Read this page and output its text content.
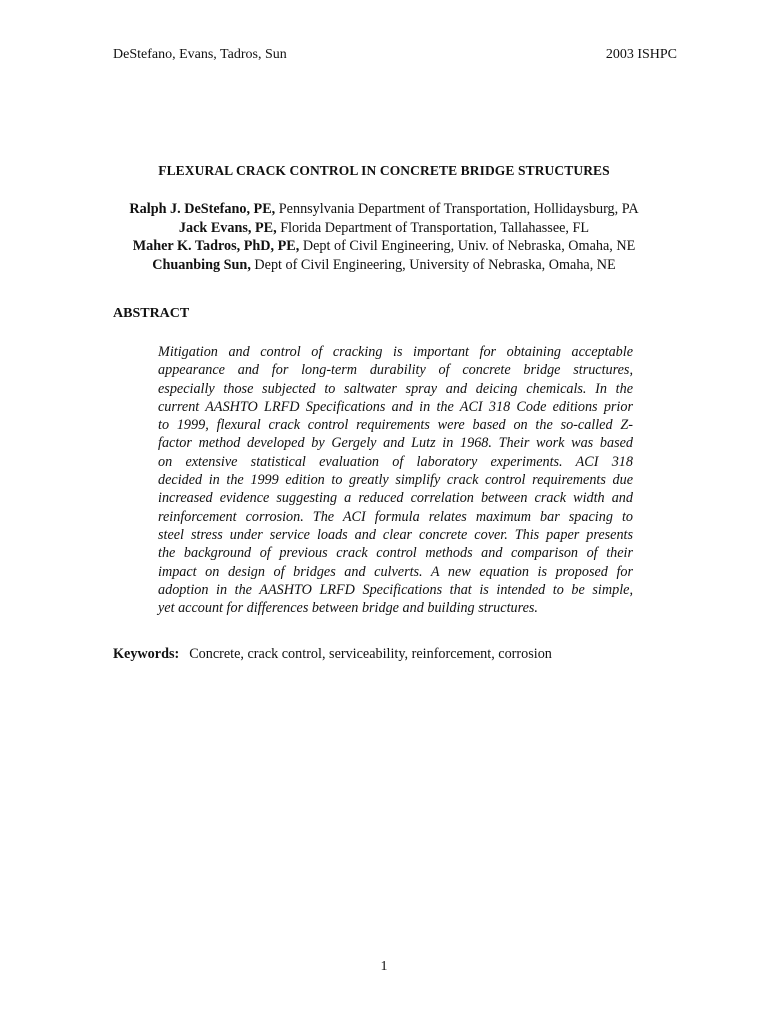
DeStefano, Evans, Tadros, Sun	2003 ISHPC
FLEXURAL CRACK CONTROL IN CONCRETE BRIDGE STRUCTURES
Ralph J. DeStefano, PE, Pennsylvania Department of Transportation, Hollidaysburg, PA
Jack Evans, PE, Florida Department of Transportation, Tallahassee, FL
Maher K. Tadros, PhD, PE, Dept of Civil Engineering, Univ. of Nebraska, Omaha, NE
Chuanbing Sun, Dept of Civil Engineering, University of Nebraska, Omaha, NE
ABSTRACT
Mitigation and control of cracking is important for obtaining acceptable
appearance and for long-term durability of concrete bridge structures,
especially those subjected to saltwater spray and deicing chemicals. In the
current AASHTO LRFD Specifications and in the ACI 318 Code editions prior
to 1999, flexural crack control requirements were based on the so-called Z-
factor method developed by Gergely and Lutz in 1968. Their work was based
on extensive statistical evaluation of laboratory experiments. ACI 318
decided in the 1999 edition to greatly simplify crack control requirements due
increased evidence suggesting a reduced correlation between crack width and
reinforcement corrosion. The ACI formula relates maximum bar spacing to
steel stress under service loads and clear concrete cover. This paper presents
the background of previous crack control methods and comparison of their
impact on design of bridges and culverts. A new equation is proposed for
adoption in the AASHTO LRFD Specifications that is intended to be simple,
yet account for differences between bridge and building structures.
Keywords: Concrete, crack control, serviceability, reinforcement, corrosion
1
